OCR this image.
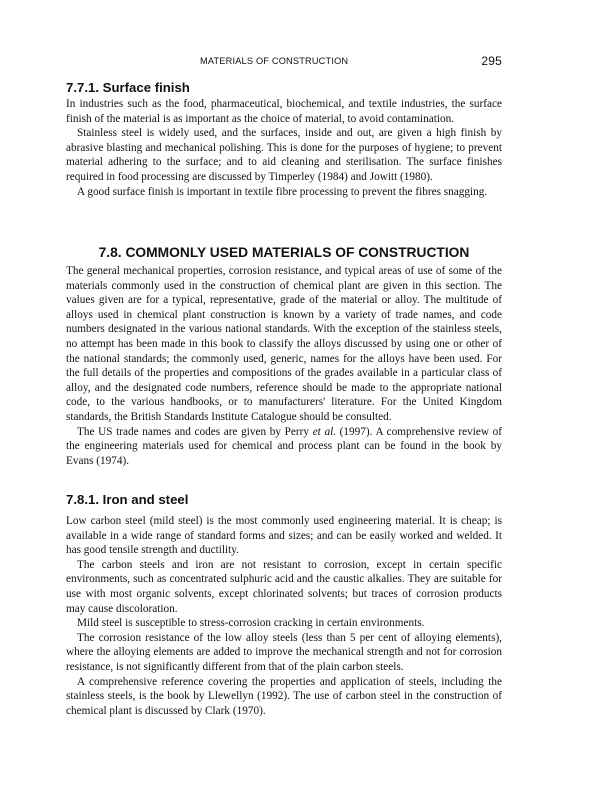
MATERIALS OF CONSTRUCTION	295
7.7.1. Surface finish

In industries such as the food, pharmaceutical, biochemical, and textile industries, the surface finish of the material is as important as the choice of material, to avoid contamination.

Stainless steel is widely used, and the surfaces, inside and out, are given a high finish by abrasive blasting and mechanical polishing. This is done for the purposes of hygiene; to prevent material adhering to the surface; and to aid cleaning and sterilisation. The surface finishes required in food processing are discussed by Timperley (1984) and Jowitt (1980).

A good surface finish is important in textile fibre processing to prevent the fibres snagging.

7.8. COMMONLY USED MATERIALS OF CONSTRUCTION

The general mechanical properties, corrosion resistance, and typical areas of use of some of the materials commonly used in the construction of chemical plant are given in this section. The values given are for a typical, representative, grade of the material or alloy. The multitude of alloys used in chemical plant construction is known by a variety of trade names, and code numbers designated in the various national standards. With the exception of the stainless steels, no attempt has been made in this book to classify the alloys discussed by using one or other of the national standards; the commonly used, generic, names for the alloys have been used. For the full details of the properties and compositions of the grades available in a particular class of alloy, and the designated code numbers, reference should be made to the appropriate national code, to the various handbooks, or to manufacturers' literature. For the United Kingdom standards, the British Standards Institute Catalogue should be consulted.

The US trade names and codes are given by Perry et al. (1997). A comprehensive review of the engineering materials used for chemical and process plant can be found in the book by Evans (1974).

7.8.1. Iron and steel

Low carbon steel (mild steel) is the most commonly used engineering material. It is cheap; is available in a wide range of standard forms and sizes; and can be easily worked and welded. It has good tensile strength and ductility.

The carbon steels and iron are not resistant to corrosion, except in certain specific environments, such as concentrated sulphuric acid and the caustic alkalies. They are suitable for use with most organic solvents, except chlorinated solvents; but traces of corrosion products may cause discoloration.

Mild steel is susceptible to stress-corrosion cracking in certain environments.

The corrosion resistance of the low alloy steels (less than 5 per cent of alloying elements), where the alloying elements are added to improve the mechanical strength and not for corrosion resistance, is not significantly different from that of the plain carbon steels.

A comprehensive reference covering the properties and application of steels, including the stainless steels, is the book by Llewellyn (1992). The use of carbon steel in the construction of chemical plant is discussed by Clark (1970).
